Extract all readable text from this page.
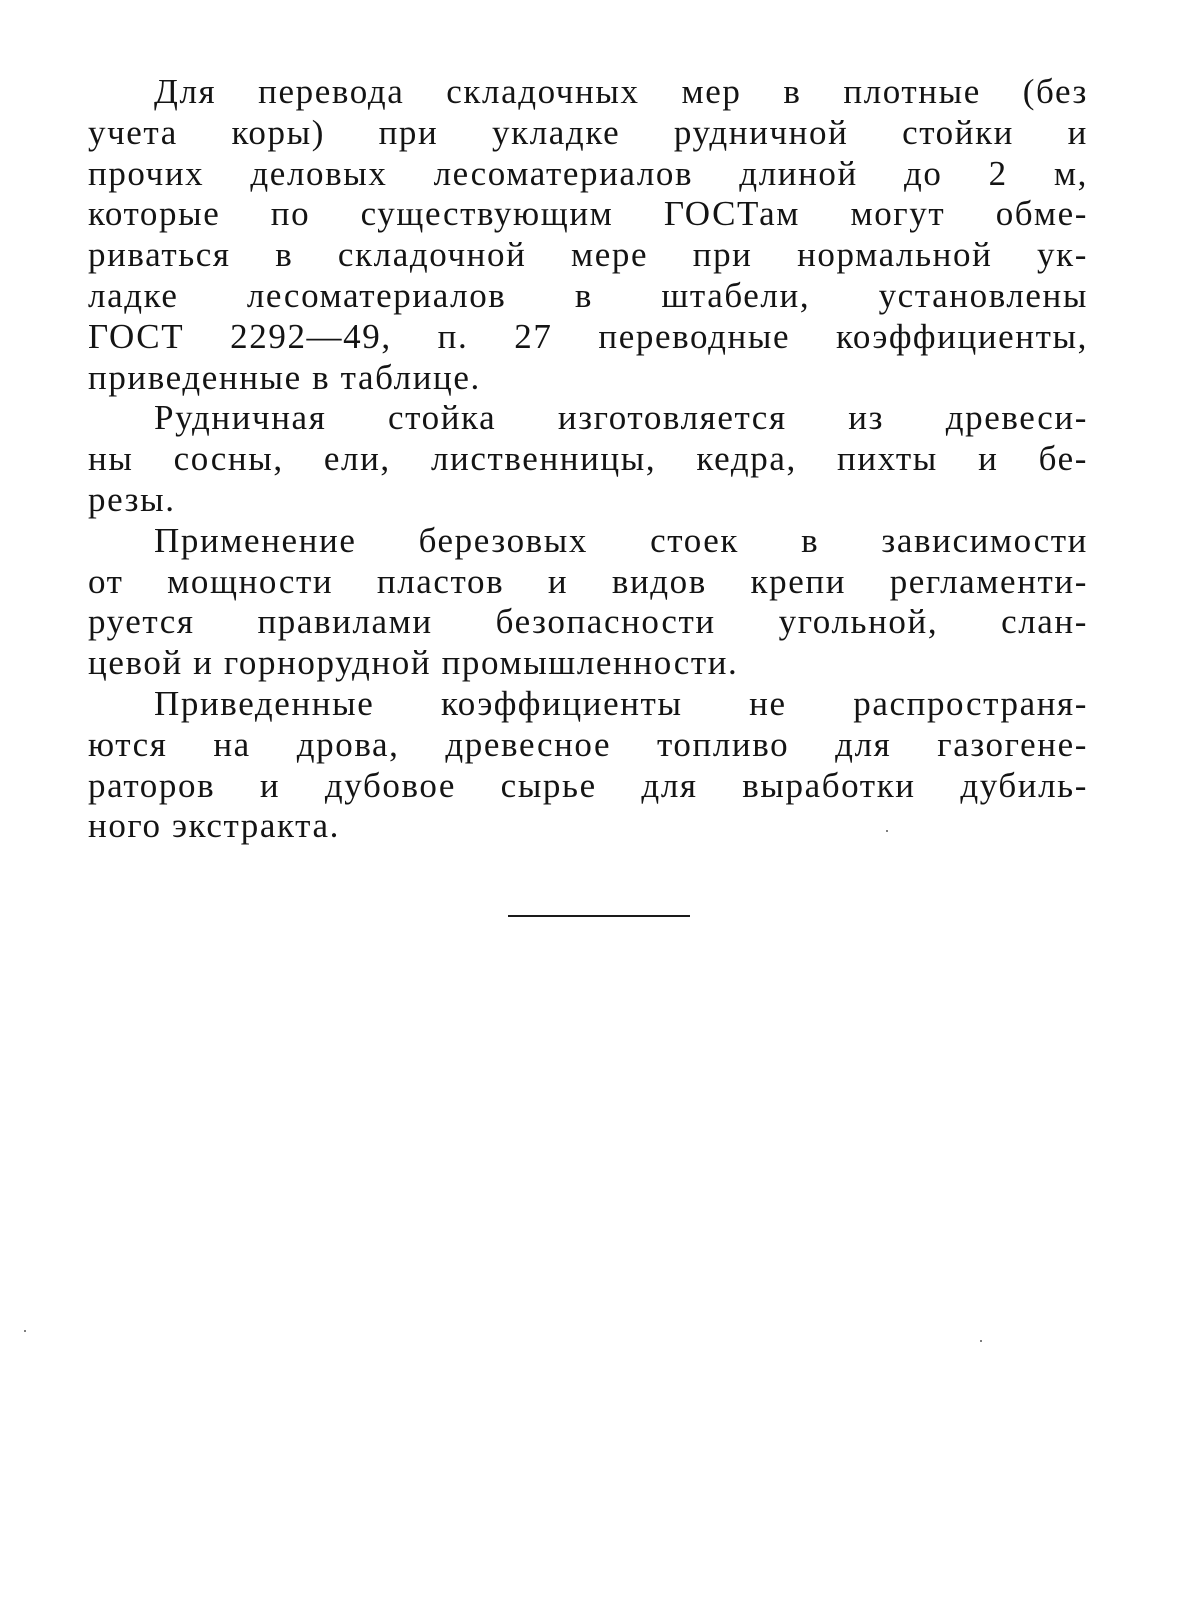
Для перевода складочных мер в плотные (без
учета коры) при укладке рудничной стойки и
прочих деловых лесоматериалов длиной до 2 м,
которые по существующим ГОСТам могут обме-
риваться в складочной мере при нормальной ук-
ладке лесоматериалов в штабели, установлены
ГОСТ 2292—49, п. 27 переводные коэффициенты,
приведенные в таблице.

Рудничная стойка изготовляется из древеси-
ны сосны, ели, лиственницы, кедра, пихты и бе-
резы.

Применение березовых стоек в зависимости
от мощности пластов и видов крепи регламенти-
руется правилами безопасности угольной, слан-
цевой и горнорудной промышленности.

Приведенные коэффициенты не распространя-
ются на дрова, древесное топливо для газогене-
раторов и дубовое сырье для выработки дубиль-
ного экстракта.
